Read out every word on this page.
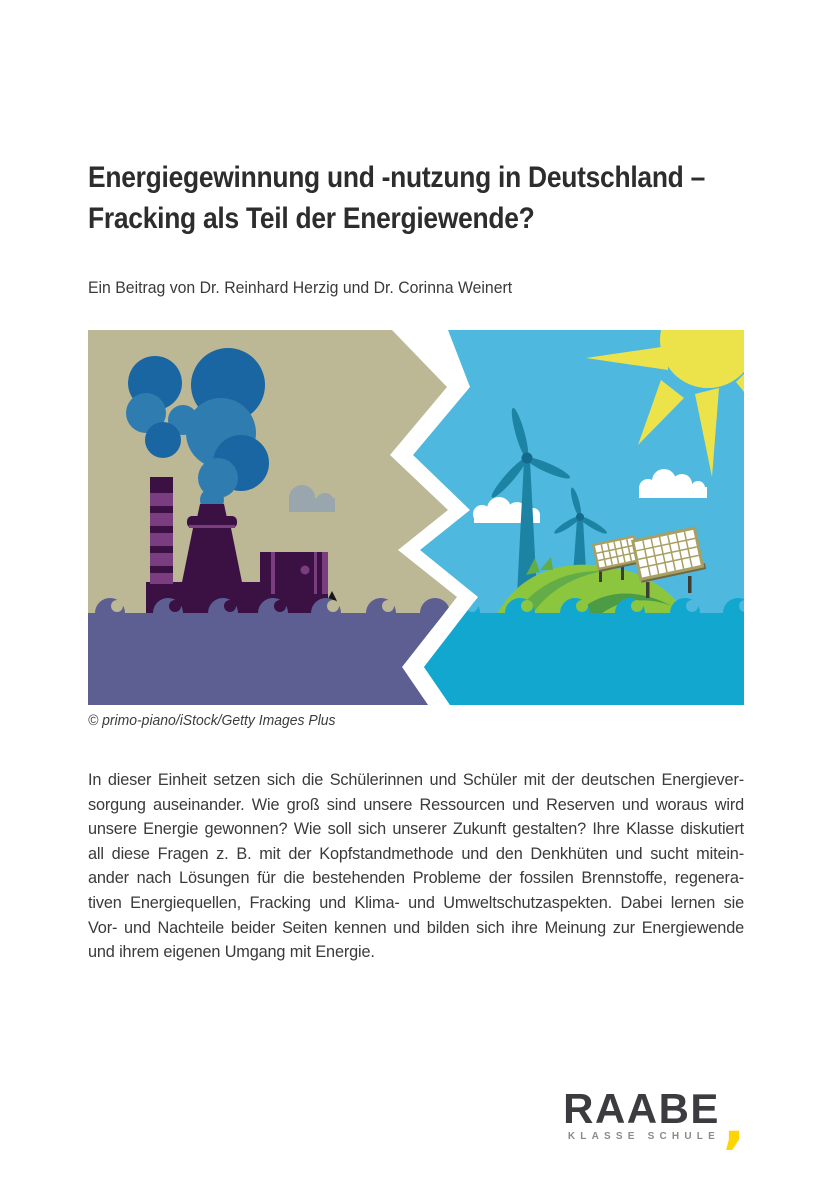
Energiegewinnung und -nutzung in Deutschland –
Fracking als Teil der Energiewende?
Ein Beitrag von Dr. Reinhard Herzig und Dr. Corinna Weinert
© primo-piano/iStock/Getty Images Plus
In dieser Einheit setzen sich die Schülerinnen und Schüler mit der deutschen Energiever-
sorgung auseinander. Wie groß sind unsere Ressourcen und Reserven und woraus wird
unsere Energie gewonnen? Wie soll sich unserer Zukunft gestalten? Ihre Klasse diskutiert
all diese Fragen z. B. mit der Kopfstandmethode und den Denkhüten und sucht mitein-
ander nach Lösungen für die bestehenden Probleme der fossilen Brennstoffe, regenera-
tiven Energiequellen, Fracking und Klima- und Umweltschutzaspekten. Dabei lernen sie
Vor- und Nachteile beider Seiten kennen und bilden sich ihre Meinung zur Energiewende
und ihrem eigenen Umgang mit Energie.
RAABE
KLASSE SCHULE ,
